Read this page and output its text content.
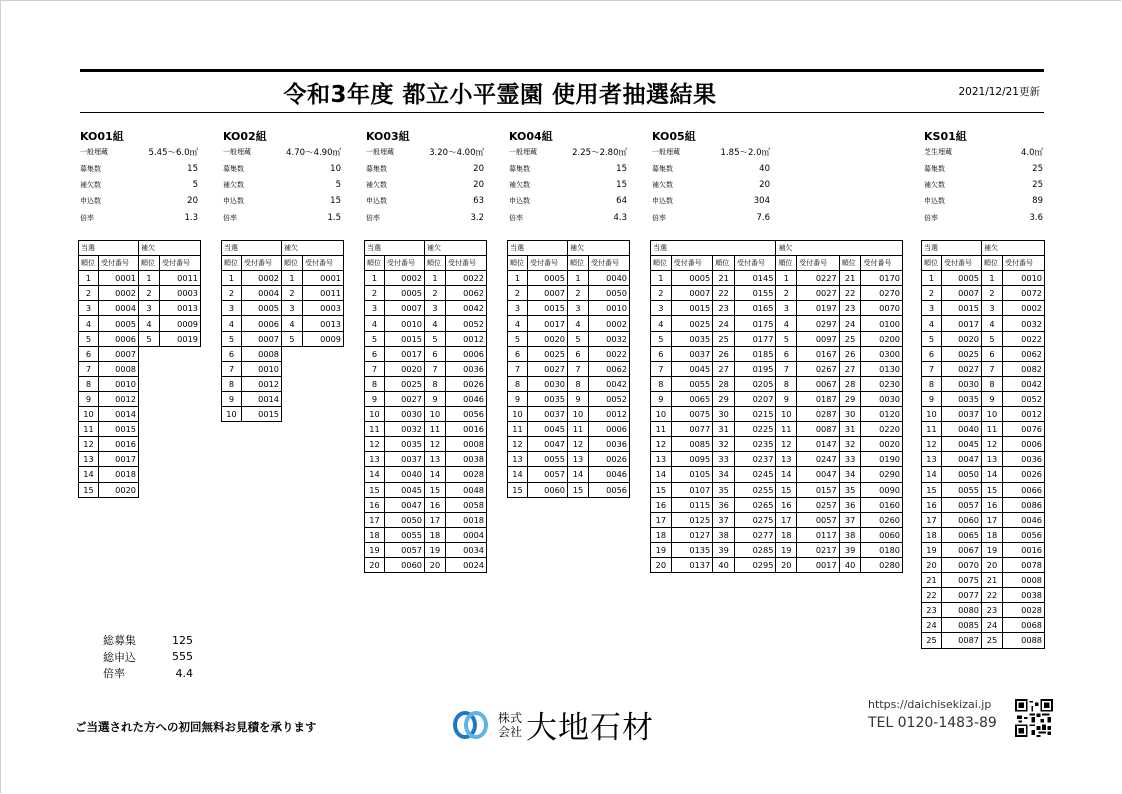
令和3年度 都立小平霊園 使用者抽選結果	2021/12/21更新
KO01組
一般埋蔵	5.45～6.0㎡
募集数	15
補欠数	5
申込数	20
倍率	1.3
当選		補欠	
順位	受付番号	順位	受付番号
1	0001	1	0011
2	0002	2	0003
3	0004	3	0013
4	0005	4	0009
5	0006	5	0019
6	0007		
7	0008		
8	0010		
9	0012		
10	0014		
11	0015		
12	0016		
13	0017		
14	0018		
15	0020		
KO02組
一般埋蔵	4.70～4.90㎡
募集数	10
補欠数	5
申込数	15
倍率	1.5
当選		補欠	
順位	受付番号	順位	受付番号
1	0002	1	0001
2	0004	2	0011
3	0005	3	0003
4	0006	4	0013
5	0007	5	0009
6	0008		
7	0010		
8	0012		
9	0014		
10	0015		
KO03組
一般埋蔵	3.20～4.00㎡
募集数	20
補欠数	20
申込数	63
倍率	3.2
当選		補欠	
順位	受付番号	順位	受付番号
1	0002	1	0022
2	0005	2	0062
3	0007	3	0042
4	0010	4	0052
5	0015	5	0012
6	0017	6	0006
7	0020	7	0036
8	0025	8	0026
9	0027	9	0046
10	0030	10	0056
11	0032	11	0016
12	0035	12	0008
13	0037	13	0038
14	0040	14	0028
15	0045	15	0048
16	0047	16	0058
17	0050	17	0018
18	0055	18	0004
19	0057	19	0034
20	0060	20	0024
KO04組
一般埋蔵	2.25～2.80㎡
募集数	15
補欠数	15
申込数	64
倍率	4.3
当選		補欠	
順位	受付番号	順位	受付番号
1	0005	1	0040
2	0007	2	0050
3	0015	3	0010
4	0017	4	0002
5	0020	5	0032
6	0025	6	0022
7	0027	7	0062
8	0030	8	0042
9	0035	9	0052
10	0037	10	0012
11	0045	11	0006
12	0047	12	0036
13	0055	13	0026
14	0057	14	0046
15	0060	15	0056
KO05組
一般埋蔵	1.85～2.0㎡
募集数	40
補欠数	20
申込数	304
倍率	7.6
当選				補欠			
順位	受付番号	順位	受付番号	順位	受付番号	順位	受付番号
1	0005	21	0145	1	0227	21	0170
2	0007	22	0155	2	0027	22	0270
3	0015	23	0165	3	0197	23	0070
4	0025	24	0175	4	0297	24	0100
5	0035	25	0177	5	0097	25	0200
6	0037	26	0185	6	0167	26	0300
7	0045	27	0195	7	0267	27	0130
8	0055	28	0205	8	0067	28	0230
9	0065	29	0207	9	0187	29	0030
10	0075	30	0215	10	0287	30	0120
11	0077	31	0225	11	0087	31	0220
12	0085	32	0235	12	0147	32	0020
13	0095	33	0237	13	0247	33	0190
14	0105	34	0245	14	0047	34	0290
15	0107	35	0255	15	0157	35	0090
16	0115	36	0265	16	0257	36	0160
17	0125	37	0275	17	0057	37	0260
18	0127	38	0277	18	0117	38	0060
19	0135	39	0285	19	0217	39	0180
20	0137	40	0295	20	0017	40	0280
KS01組
芝生埋蔵	4.0㎡
募集数	25
補欠数	25
申込数	89
倍率	3.6
当選		補欠	
順位	受付番号	順位	受付番号
1	0005	1	0010
2	0007	2	0072
3	0015	3	0002
4	0017	4	0032
5	0020	5	0022
6	0025	6	0062
7	0027	7	0082
8	0030	8	0042
9	0035	9	0052
10	0037	10	0012
11	0040	11	0076
12	0045	12	0006
13	0047	13	0036
14	0050	14	0026
15	0055	15	0066
16	0057	16	0086
17	0060	17	0046
18	0065	18	0056
19	0067	19	0016
20	0070	20	0078
21	0075	21	0008
22	0077	22	0038
23	0080	23	0028
24	0085	24	0068
25	0087	25	0088
総募集	125
総申込	555
倍率	4.4
ご当選された方への初回無料お見積を承ります
株式
会社 大地石材
https://daichisekizai.jp
TEL 0120-1483-89
